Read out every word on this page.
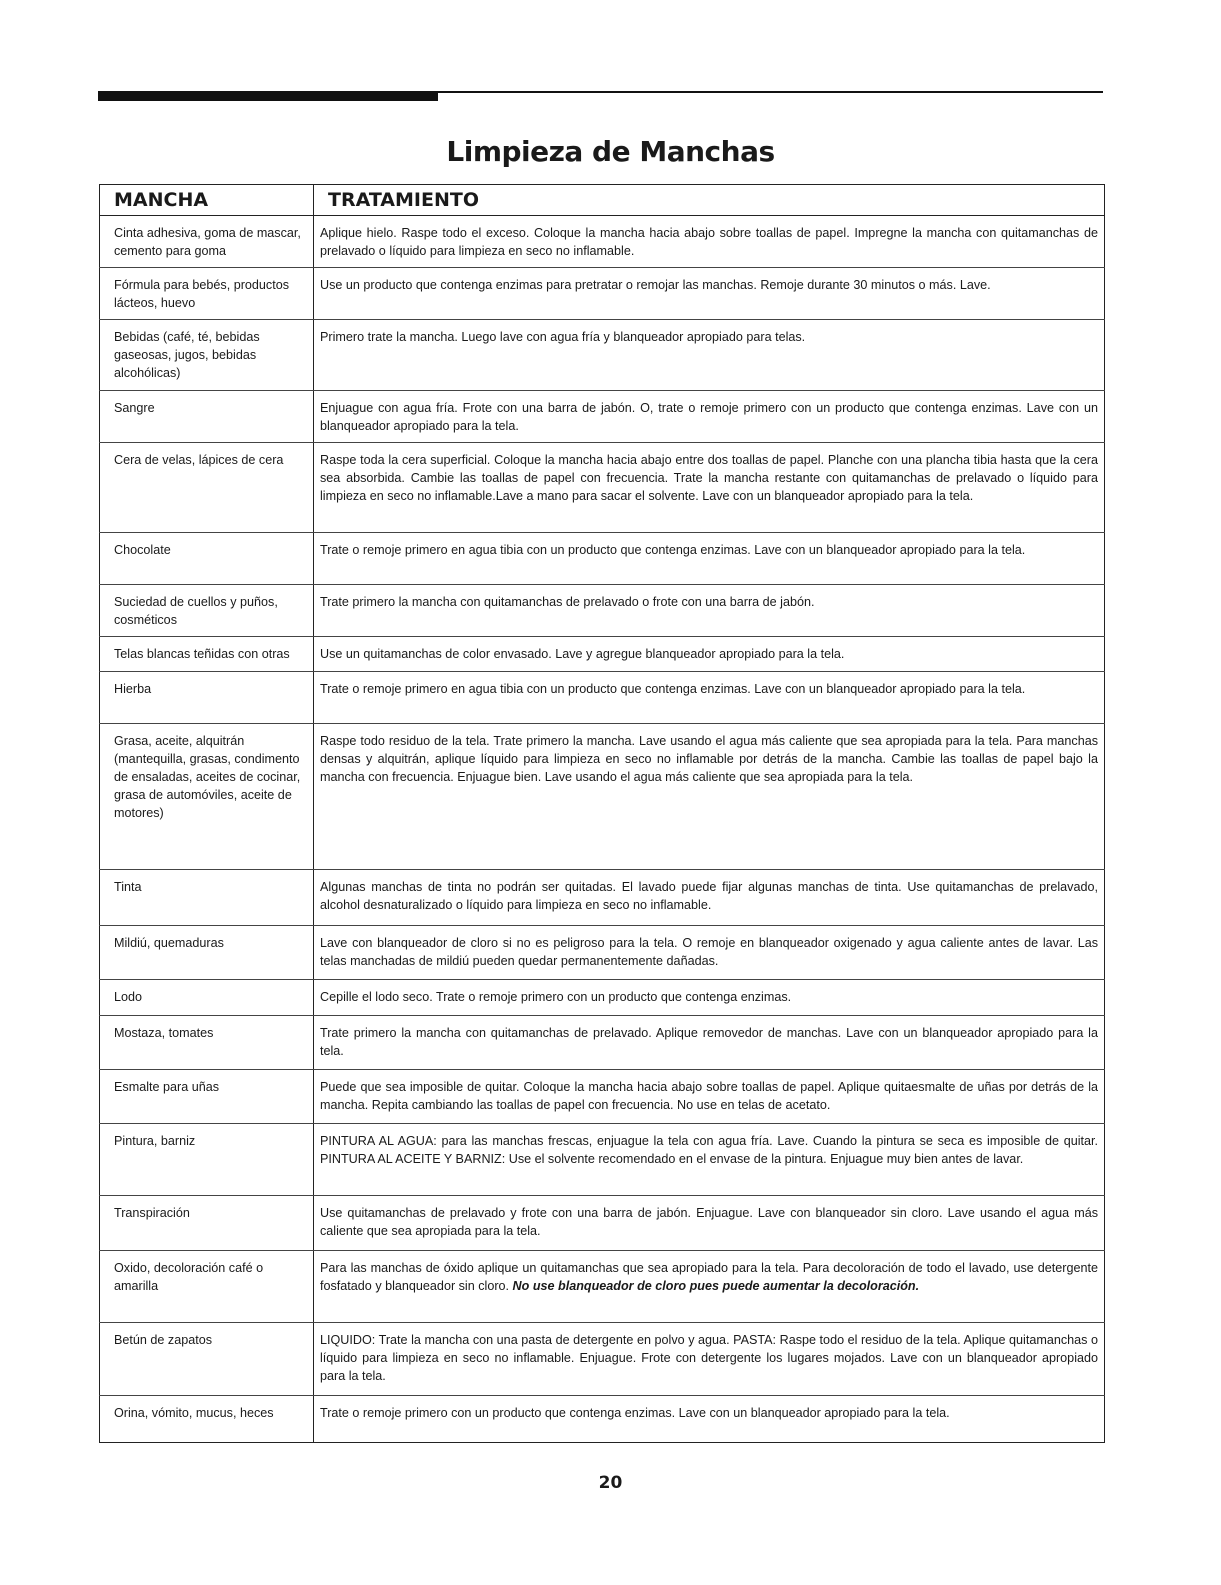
Limpieza de Manchas
MANCHA	TRATAMIENTO
Cinta adhesiva, goma de mascar, cemento para goma	Aplique hielo. Raspe todo el exceso. Coloque la mancha hacia abajo sobre toallas de papel. Impregne la mancha con quitamanchas de prelavado o líquido para limpieza en seco no inflamable.
Fórmula para bebés, productos lácteos, huevo	Use un producto que contenga enzimas para pretratar o remojar las manchas. Remoje durante 30 minutos o más. Lave.
Bebidas (café, té, bebidas gaseosas, jugos, bebidas alcohólicas)	Primero trate la mancha. Luego lave con agua fría y blanqueador apropiado para telas.
Sangre	Enjuague con agua fría. Frote con una barra de jabón. O, trate o remoje primero con un producto que contenga enzimas. Lave con un blanqueador apropiado para la tela.
Cera de velas, lápices de cera	Raspe toda la cera superficial. Coloque la mancha hacia abajo entre dos toallas de papel. Planche con una plancha tibia hasta que la cera sea absorbida. Cambie las toallas de papel con frecuencia. Trate la mancha restante con quitamanchas de prelavado o líquido para limpieza en seco no inflamable.Lave a mano para sacar el solvente. Lave con un blanqueador apropiado para la tela.
Chocolate	Trate o remoje primero en agua tibia con un producto que contenga enzimas. Lave con un blanqueador apropiado para la tela.
Suciedad de cuellos y puños, cosméticos	Trate primero la mancha con quitamanchas de prelavado o frote con una barra de jabón.
Telas blancas teñidas con otras	Use un quitamanchas de color envasado. Lave y agregue blanqueador apropiado para la tela.
Hierba	Trate o remoje primero en agua tibia con un producto que contenga enzimas. Lave con un blanqueador apropiado para la tela.
Grasa, aceite, alquitrán (mantequilla, grasas, condimento de ensaladas, aceites de cocinar, grasa de automóviles, aceite de motores)	Raspe todo residuo de la tela. Trate primero la mancha. Lave usando el agua más caliente que sea apropiada para la tela. Para manchas densas y alquitrán, aplique líquido para limpieza en seco no inflamable por detrás de la mancha. Cambie las toallas de papel bajo la mancha con frecuencia. Enjuague bien. Lave usando el agua más caliente que sea apropiada para la tela.
Tinta	Algunas manchas de tinta no podrán ser quitadas. El lavado puede fijar algunas manchas de tinta. Use quitamanchas de prelavado, alcohol desnaturalizado o líquido para limpieza en seco no inflamable.
Mildiú, quemaduras	Lave con blanqueador de cloro si no es peligroso para la tela. O remoje en blanqueador oxigenado y agua caliente antes de lavar. Las telas manchadas de mildiú pueden quedar permanentemente dañadas.
Lodo	Cepille el lodo seco. Trate o remoje primero con un producto que contenga enzimas.
Mostaza, tomates	Trate primero la mancha con quitamanchas de prelavado. Aplique removedor de manchas. Lave con un blanqueador apropiado para la tela.
Esmalte para uñas	Puede que sea imposible de quitar. Coloque la mancha hacia abajo sobre toallas de papel. Aplique quitaesmalte de uñas por detrás de la mancha. Repita cambiando las toallas de papel con frecuencia. No use en telas de acetato.
Pintura, barniz	PINTURA AL AGUA: para las manchas frescas, enjuague la tela con agua fría. Lave. Cuando la pintura se seca es imposible de quitar. PINTURA AL ACEITE Y BARNIZ: Use el solvente recomendado en el envase de la pintura. Enjuague muy bien antes de lavar.
Transpiración	Use quitamanchas de prelavado y frote con una barra de jabón. Enjuague. Lave con blanqueador sin cloro. Lave usando el agua más caliente que sea apropiada para la tela.
Oxido, decoloración café o amarilla	Para las manchas de óxido aplique un quitamanchas que sea apropiado para la tela. Para decoloración de todo el lavado, use detergente fosfatado y blanqueador sin cloro. No use blanqueador de cloro pues puede aumentar la decoloración.
Betún de zapatos	LIQUIDO: Trate la mancha con una pasta de detergente en polvo y agua. PASTA: Raspe todo el residuo de la tela. Aplique quitamanchas o líquido para limpieza en seco no inflamable. Enjuague. Frote con detergente los lugares mojados. Lave con un blanqueador apropiado para la tela.
Orina, vómito, mucus, heces	Trate o remoje primero con un producto que contenga enzimas. Lave con un blanqueador apropiado para la tela.
20
